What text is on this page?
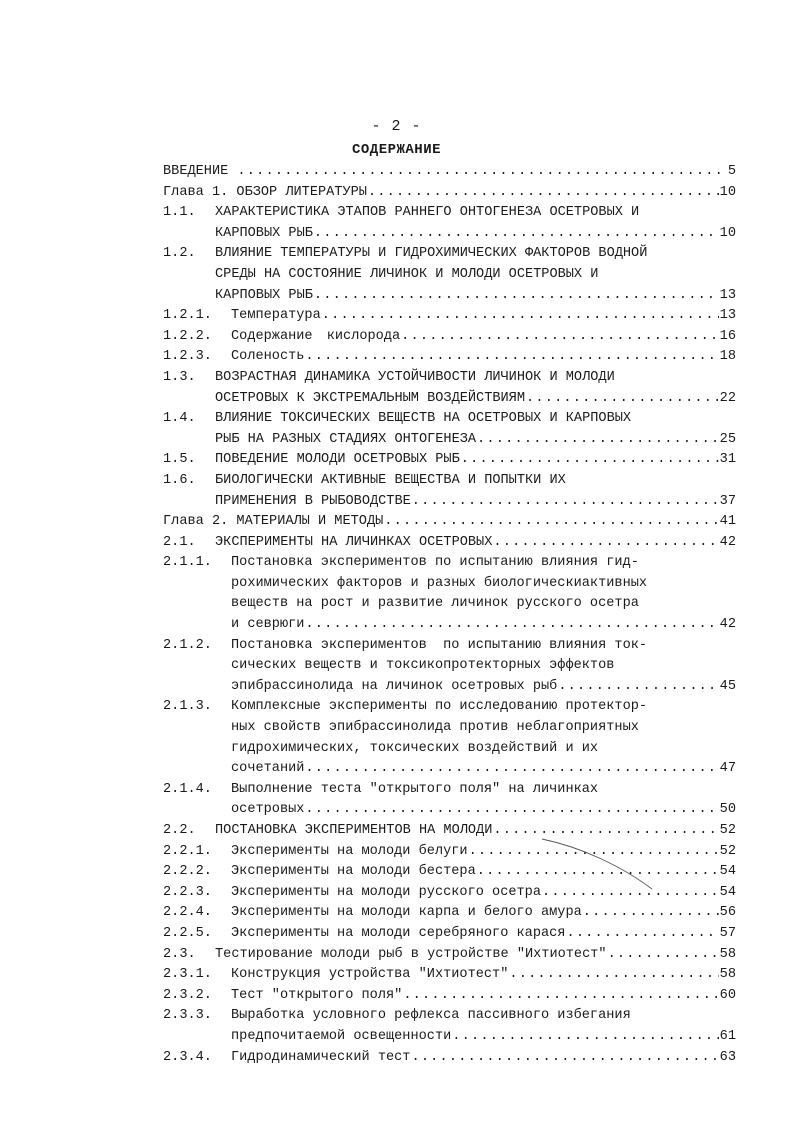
- 2 -
СОДЕРЖАНИЕ
ВВЕДЕНИЕ .....	5
Глава 1. ОБЗОР ЛИТЕРАТУРЫ .....	10
1.1.	ХАРАКТЕРИСТИКА ЭТАПОВ РАННЕГО ОНТОГЕНЕЗА ОСЕТРОВЫХ И
КАРПОВЫХ РЫБ .....	10
1.2.	ВЛИЯНИЕ ТЕМПЕРАТУРЫ И ГИДРОХИМИЧЕСКИХ ФАКТОРОВ ВОДНОЙ
СРЕДЫ НА СОСТОЯНИЕ ЛИЧИНОК И МОЛОДИ ОСЕТРОВЫХ И
КАРПОВЫХ РЫБ .....	13
1.2.1.	Температура .....	13
1.2.2.	Содержание кислорода .....	16
1.2.3.	Соленость .....	18
1.3.	ВОЗРАСТНАЯ ДИНАМИКА УСТОЙЧИВОСТИ ЛИЧИНОК И МОЛОДИ
ОСЕТРОВЫХ К ЭКСТРЕМАЛЬНЫМ ВОЗДЕЙСТВИЯМ .....	22
1.4.	ВЛИЯНИЕ ТОКСИЧЕСКИХ ВЕЩЕСТВ НА ОСЕТРОВЫХ И КАРПОВЫХ
РЫБ НА РАЗНЫХ СТАДИЯХ ОНТОГЕНЕЗА .....	25
1.5.	ПОВЕДЕНИЕ МОЛОДИ ОСЕТРОВЫХ РЫБ .....	31
1.6.	БИОЛОГИЧЕСКИ АКТИВНЫЕ ВЕЩЕСТВА И ПОПЫТКИ ИХ
ПРИМЕНЕНИЯ В РЫБОВОДСТВЕ .....	37
Глава 2. МАТЕРИАЛЫ И МЕТОДЫ .....	41
2.1.	ЭКСПЕРИМЕНТЫ НА ЛИЧИНКАХ ОСЕТРОВЫХ .....	42
2.1.1.	Постановка экспериментов по испытанию влияния гид-
рохимических факторов и разных биологическиактивных
веществ на рост и развитие личинок русского осетра
и севрюги .....	42
2.1.2.	Постановка экспериментов  по испытанию влияния ток-
сических веществ и токсикопротекторных эффектов
эпибрассинолида на личинок осетровых рыб .....	45
2.1.3.	Комплексные эксперименты по исследованию протектор-
ных свойств эпибрассинолида против неблагоприятных
гидрохимических, токсических воздействий и их
сочетаний .....	47
2.1.4.	Выполнение теста "открытого поля" на личинках
осетровых .....	50
2.2.	ПОСТАНОВКА ЭКСПЕРИМЕНТОВ НА МОЛОДИ .....	52
2.2.1.	Эксперименты на молоди белуги .....	52
2.2.2.	Эксперименты на молоди бестера .....	54
2.2.3.	Эксперименты на молоди русского осетра .....	54
2.2.4.	Эксперименты на молоди карпа и белого амура .....	56
2.2.5.	Эксперименты на молоди серебряного карася .....	57
2.3.	Тестирование молоди рыб в устройстве "Ихтиотест" .....	58
2.3.1.	Конструкция устройства "Ихтиотест" .....	58
2.3.2.	Тест "открытого поля" .....	60
2.3.3.	Выработка условного рефлекса пассивного избегания
предпочитаемой освещенности .....	61
2.3.4.	Гидродинамический тест .....	63
